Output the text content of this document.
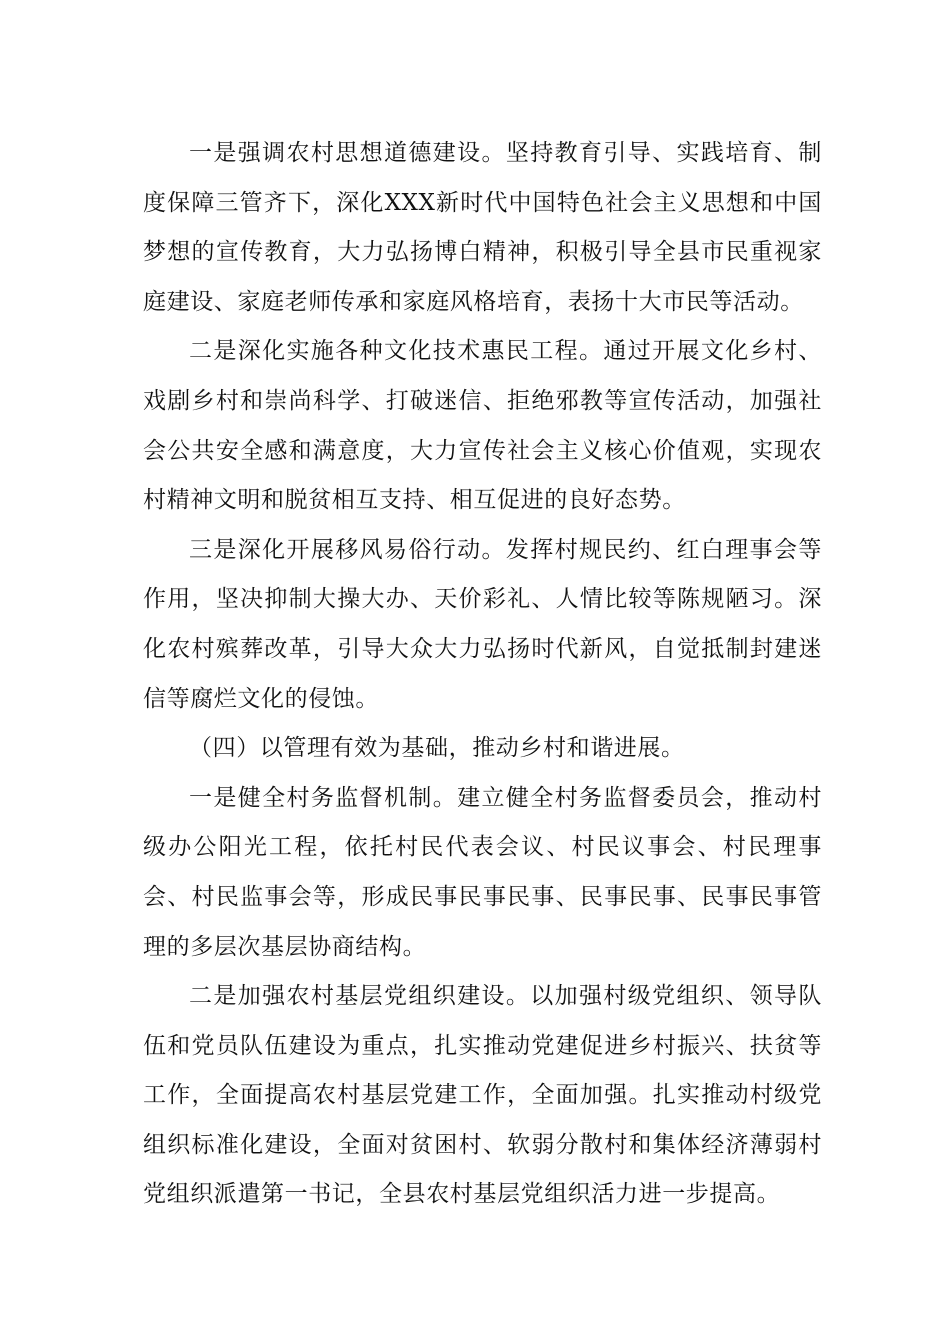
一是强调农村思想道德建设。坚持教育引导、实践培育、制度保障三管齐下，深化XXX新时代中国特色社会主义思想和中国梦想的宣传教育，大力弘扬博白精神，积极引导全县市民重视家庭建设、家庭老师传承和家庭风格培育，表扬十大市民等活动。

二是深化实施各种文化技术惠民工程。通过开展文化乡村、戏剧乡村和崇尚科学、打破迷信、拒绝邪教等宣传活动，加强社会公共安全感和满意度，大力宣传社会主义核心价值观，实现农村精神文明和脱贫相互支持、相互促进的良好态势。

三是深化开展移风易俗行动。发挥村规民约、红白理事会等作用，坚决抑制大操大办、天价彩礼、人情比较等陈规陋习。深化农村殡葬改革，引导大众大力弘扬时代新风，自觉抵制封建迷信等腐烂文化的侵蚀。

（四）以管理有效为基础，推动乡村和谐进展。

一是健全村务监督机制。建立健全村务监督委员会，推动村级办公阳光工程，依托村民代表会议、村民议事会、村民理事会、村民监事会等，形成民事民事民事、民事民事、民事民事管理的多层次基层协商结构。

二是加强农村基层党组织建设。以加强村级党组织、领导队伍和党员队伍建设为重点，扎实推动党建促进乡村振兴、扶贫等工作，全面提高农村基层党建工作，全面加强。扎实推动村级党组织标准化建设，全面对贫困村、软弱分散村和集体经济薄弱村党组织派遣第一书记，全县农村基层党组织活力进一步提高。
